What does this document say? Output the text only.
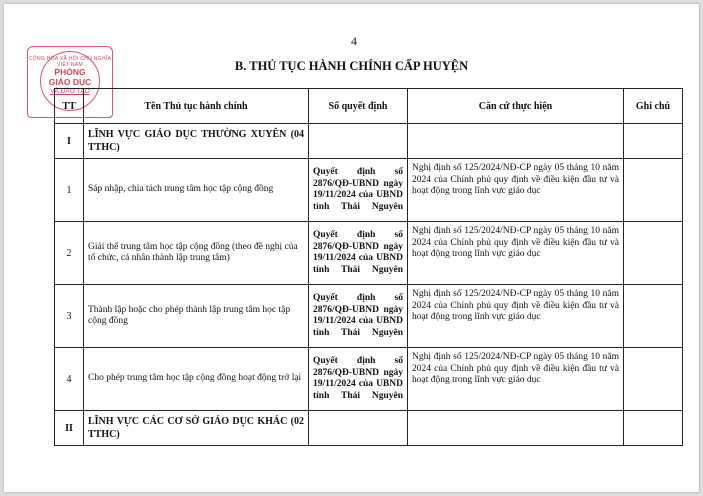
4
CỘNG HÒA XÃ HỘI CHỦ NGHĨA VIỆT NAM
PHÒNG
GIÁO DỤC
VÀ ĐÀO TẠO
B. THỦ TỤC HÀNH CHÍNH CẤP HUYỆN
TT	Tên Thủ tục hành chính	Số quyết định	Căn cứ thực hiện	Ghi chú
I	LĨNH VỰC GIÁO DỤC THƯỜNG XUYÊN (04 TTHC)			
1	Sáp nhập, chia tách trung tâm học tập cộng đồng	Quyết định số 2876/QĐ-UBND ngày 19/11/2024 của UBND tỉnh Thái Nguyên	Nghị định số 125/2024/NĐ-CP ngày 05 tháng 10 năm 2024 của Chính phủ quy định về điều kiện đầu tư và hoạt động trong lĩnh vực giáo dục	
2	Giải thể trung tâm học tập cộng đồng (theo đề nghị của tổ chức, cá nhân thành lập trung tâm)	Quyết định số 2876/QĐ-UBND ngày 19/11/2024 của UBND tỉnh Thái Nguyên	Nghị định số 125/2024/NĐ-CP ngày 05 tháng 10 năm 2024 của Chính phủ quy định về điều kiện đầu tư và hoạt động trong lĩnh vực giáo dục	
3	Thành lập hoặc cho phép thành lập trung tâm học tập cộng đồng	Quyết định số 2876/QĐ-UBND ngày 19/11/2024 của UBND tỉnh Thái Nguyên	Nghị định số 125/2024/NĐ-CP ngày 05 tháng 10 năm 2024 của Chính phủ quy định về điều kiện đầu tư và hoạt động trong lĩnh vực giáo dục	
4	Cho phép trung tâm học tập cộng đồng hoạt động trở lại	Quyết định số 2876/QĐ-UBND ngày 19/11/2024 của UBND tỉnh Thái Nguyên	Nghị định số 125/2024/NĐ-CP ngày 05 tháng 10 năm 2024 của Chính phủ quy định về điều kiện đầu tư và hoạt động trong lĩnh vực giáo dục	
II	LĨNH VỰC CÁC CƠ SỞ GIÁO DỤC KHÁC (02 TTHC)			
